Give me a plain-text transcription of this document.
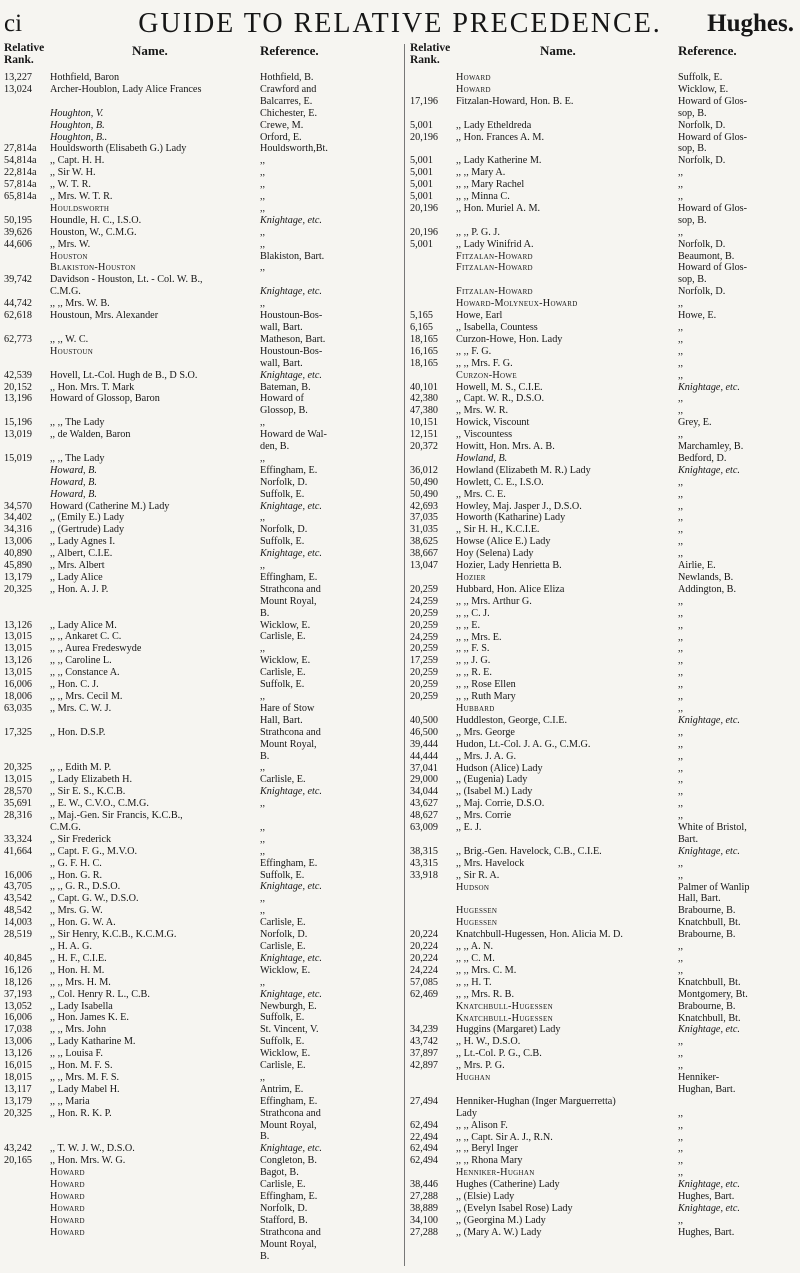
ci	GUIDE TO RELATIVE PRECEDENCE.	Hughes.
Relative
Rank.
Name.	Reference.
13,227	Hothfield, Baron	Hothfield, B.
13,024	Archer-Houblon, Lady Alice Frances	Crawford and
Balcarres, E.
Houghton, V.	Chichester, E.
Houghton, B.	Crewe, M.
Houghton, B..	Orford, E.
27,814a	Houldsworth (Elisabeth G.) Lady	Houldsworth,Bt.
54,814a	,, Capt. H. H.	,,
22,814a	,, Sir W. H.	,,
57,814a	,, W. T. R.	,,
65,814a	,, Mrs. W. T. R.	,,
Houldsworth	,,
50,195	Houndle, H. C., I.S.O.	Knightage, etc.
39,626	Houston, W., C.M.G.	,,
44,606	,, Mrs. W.	,,
Houston	Blakiston, Bart.
Blakiston-Houston	,,
39,742	Davidson - Houston, Lt. - Col. W. B.,
C.M.G.	Knightage, etc.
44,742	,, ,, Mrs. W. B.	,,
62,618	Houstoun, Mrs. Alexander	Houstoun-Bos-
wall, Bart.
62,773	,, ,, W. C.	Matheson, Bart.
Houstoun	Houstoun-Bos-
wall, Bart.
42,539	Hovell, Lt.-Col. Hugh de B., D S.O.	Knightage, etc.
20,152	,, Hon. Mrs. T. Mark	Bateman, B.
13,196	Howard of Glossop, Baron	Howard of
Glossop, B.
15,196	,, ,, The Lady	,,
13,019	,, de Walden, Baron	Howard de Wal-
den, B.
15,019	,, ,, The Lady	,,
Howard, B.	Effingham, E.
Howard, B.	Norfolk, D.
Howard, B.	Suffolk, E.
34,570	Howard (Catherine M.) Lady	Knightage, etc.
34,402	,, (Emily E.) Lady	,,
34,316	,, (Gertrude) Lady	Norfolk, D.
13,006	,, Lady Agnes I.	Suffolk, E.
40,890	,, Albert, C.I.E.	Knightage, etc.
45,890	,, Mrs. Albert	,,
13,179	,, Lady Alice	Effingham, E.
20,325	,, Hon. A. J. P.	Strathcona and
Mount Royal,
B.
13,126	,, Lady Alice M.	Wicklow, E.
13,015	,, ,, Ankaret C. C.	Carlisle, E.
13,015	,, ,, Aurea Fredeswyde	,,
13,126	,, ,, Caroline L.	Wicklow, E.
13,015	,, ,, Constance A.	Carlisle, E.
16,006	,, Hon. C. J.	Suffolk, E.
18,006	,, ,, Mrs. Cecil M.	,,
63,035	,, Mrs. C. W. J.	Hare of Stow
Hall, Bart.
17,325	,, Hon. D.S.P.	Strathcona and
Mount Royal,
B.
20,325	,, ,, Edith M. P.	,,
13,015	,, Lady Elizabeth H.	Carlisle, E.
28,570	,, Sir E. S., K.C.B.	Knightage, etc.
35,691	,, E. W., C.V.O., C.M.G.	,,
28,316	,, Maj.-Gen. Sir Francis, K.C.B.,
C.M.G.	,,
33,324	,, Sir Frederick	,,
41,664	,, Capt. F. G., M.V.O.	,,
,, G. F. H. C.	Effingham, E.
16,006	,, Hon. G. R.	Suffolk, E.
43,705	,, ,, G. R., D.S.O.	Knightage, etc.
43,542	,, Capt. G. W., D.S.O.	,,
48,542	,, Mrs. G. W.	,,
14,003	,, Hon. G. W. A.	Carlisle, E.
28,519	,, Sir Henry, K.C.B., K.C.M.G.	Norfolk, D.
,, H. A. G.	Carlisle, E.
40,845	,, H. F., C.I.E.	Knightage, etc.
16,126	,, Hon. H. M.	Wicklow, E.
18,126	,, ,, Mrs. H. M.	,,
37,193	,, Col. Henry R. L., C.B.	Knightage, etc.
13,052	,, Lady Isabella	Newburgh, E.
16,006	,, Hon. James K. E.	Suffolk, E.
17,038	,, ,, Mrs. John	St. Vincent, V.
13,006	,, Lady Katharine M.	Suffolk, E.
13,126	,, ,, Louisa F.	Wicklow, E.
16,015	,, Hon. M. F. S.	Carlisle, E.
18,015	,, ,, Mrs. M. F. S.	,,
13,117	,, Lady Mabel H.	Antrim, E.
13,179	,, ,, Maria	Effingham, E.
20,325	,, Hon. R. K. P.	Strathcona and
Mount Royal,
B.
43,242	,, T. W. J. W., D.S.O.	Knightage, etc.
20,165	,, Hon. Mrs. W. G.	Congleton, B.
Howard	Bagot, B.
Howard	Carlisle, E.
Howard	Effingham, E.
Howard	Norfolk, D.
Howard	Stafford, B.
Howard	Strathcona and
Mount Royal,
B.
Relative
Rank.
Name.	Reference.
Howard	Suffolk, E.
Howard	Wicklow, E.
17,196	Fitzalan-Howard, Hon. B. E.	Howard of Glos-
sop, B.
5,001	,, Lady Etheldreda	Norfolk, D.
20,196	,, Hon. Frances A. M.	Howard of Glos-
sop, B.
5,001	,, Lady Katherine M.	Norfolk, D.
5,001	,, ,, Mary A.	,,
5,001	,, ,, Mary Rachel	,,
5,001	,, ,, Minna C.	,,
20,196	,, Hon. Muriel A. M.	Howard of Glos-
sop, B.
20,196	,, ,, P. G. J.	,,
5,001	,, Lady Winifrid A.	Norfolk, D.
Fitzalan-Howard	Beaumont, B.
Fitzalan-Howard	Howard of Glos-
sop, B.
Fitzalan-Howard	Norfolk, D.
Howard-Molyneux-Howard	,,
5,165	Howe, Earl	Howe, E.
6,165	,, Isabella, Countess	,,
18,165	Curzon-Howe, Hon. Lady	,,
16,165	,, ,, F. G.	,,
18,165	,, ,, Mrs. F. G.	,,
Curzon-Howe	,,
40,101	Howell, M. S., C.I.E.	Knightage, etc.
42,380	,, Capt. W. R., D.S.O.	,,
47,380	,, Mrs. W. R.	,,
10,151	Howick, Viscount	Grey, E.
12,151	,, Viscountess	,,
20,372	Howitt, Hon. Mrs. A. B.	Marchamley, B.
Howland, B.	Bedford, D.
36,012	Howland (Elizabeth M. R.) Lady	Knightage, etc.
50,490	Howlett, C. E., I.S.O.	,,
50,490	,, Mrs. C. E.	,,
42,693	Howley, Maj. Jasper J., D.S.O.	,,
37,035	Howorth (Katharine) Lady	,,
31,035	,, Sir H. H., K.C.I.E.	,,
38,625	Howse (Alice E.) Lady	,,
38,667	Hoy (Selena) Lady	,,
13,047	Hozier, Lady Henrietta B.	Airlie, E.
Hozier	Newlands, B.
20,259	Hubbard, Hon. Alice Eliza	Addington, B.
24,259	,, ,, Mrs. Arthur G.	,,
20,259	,, ,, C. J.	,,
20,259	,, ,, E.	,,
24,259	,, ,, Mrs. E.	,,
20,259	,, ,, F. S.	,,
17,259	,, ,, J. G.	,,
20,259	,, ,, R. E.	,,
20,259	,, ,, Rose Ellen	,,
20,259	,, ,, Ruth Mary	,,
Hubbard	,,
40,500	Huddleston, George, C.I.E.	Knightage, etc.
46,500	,, Mrs. George	,,
39,444	Hudon, Lt.-Col. J. A. G., C.M.G.	,,
44,444	,, Mrs. J. A. G.	,,
37,041	Hudson (Alice) Lady	,,
29,000	,, (Eugenia) Lady	,,
34,044	,, (Isabel M.) Lady	,,
43,627	,, Maj. Corrie, D.S.O.	,,
48,627	,, Mrs. Corrie	,,
63,009	,, E. J.	White of Bristol,
Bart.
38,315	,, Brig.-Gen. Havelock, C.B., C.I.E.	Knightage, etc.
43,315	,, Mrs. Havelock	,,
33,918	,, Sir R. A.	,,
Hudson	Palmer of Wanlip
Hall, Bart.
Hugessen	Brabourne, B.
Hugessen	Knatchbull, Bt.
20,224	Knatchbull-Hugessen, Hon. Alicia M. D.	Brabourne, B.
20,224	,, ,, A. N.	,,
20,224	,, ,, C. M.	,,
24,224	,, ,, Mrs. C. M.	,,
57,085	,, ,, H. T.	Knatchbull, Bt.
62,469	,, ,, Mrs. R. B.	Montgomery, Bt.
Knatchbull-Hugessen	Brabourne, B.
Knatchbull-Hugessen	Knatchbull, Bt.
34,239	Huggins (Margaret) Lady	Knightage, etc.
43,742	,, H. W., D.S.O.	,,
37,897	,, Lt.-Col. P. G., C.B.	,,
42,897	,, Mrs. P. G.	,,
Hughan	Henniker-
Hughan, Bart.
27,494	Henniker-Hughan (Inger Marguerretta)
Lady	,,
62,494	,, ,, Alison F.	,,
22,494	,, ,, Capt. Sir A. J., R.N.	,,
62,494	,, ,, Beryl Inger	,,
62,494	,, ,, Rhona Mary	,,
Henniker-Hughan	,,
38,446	Hughes (Catherine) Lady	Knightage, etc.
27,288	,, (Elsie) Lady	Hughes, Bart.
38,889	,, (Evelyn Isabel Rose) Lady	Knightage, etc.
34,100	,, (Georgina M.) Lady	,,
27,288	,, (Mary A. W.) Lady	Hughes, Bart.
